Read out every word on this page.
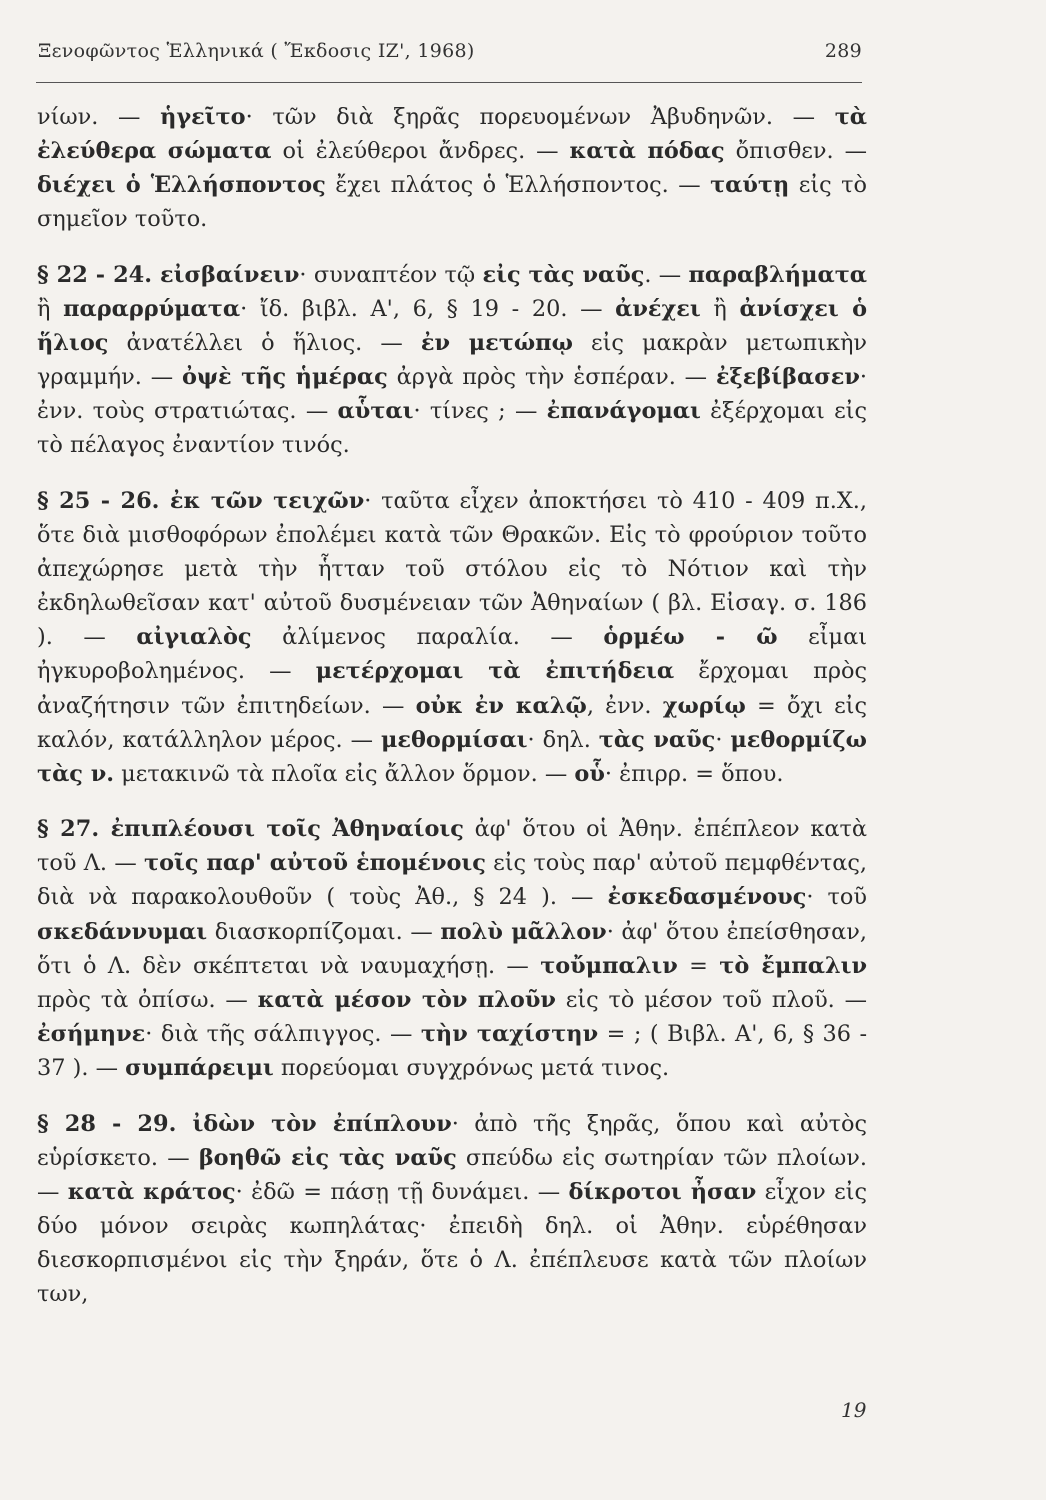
Ξενοφῶντος Ἑλληνικά ( Ἔκδοσις ΙΖ', 1968)	289

νίων. — ἡγεῖτο· τῶν διὰ ξηρᾶς πορευομένων Ἀβυδηνῶν. — τὰ ἐλεύθερα σώματα οἱ ἐλεύθεροι ἄνδρες. — κατὰ πόδας ὄπισθεν. — διέχει ὁ Ἑλλήσποντος ἔχει πλάτος ὁ Ἑλλήσποντος. — ταύτῃ εἰς τὸ σημεῖον τοῦτο.

§ 22 - 24. εἰσβαίνειν· συναπτέον τῷ εἰς τὰς ναῦς. — παραβλήματα ἢ παραρρύματα· ἴδ. βιβλ. Α', 6, § 19 - 20. — ἀνέχει ἢ ἀνίσχει ὁ ἥλιος ἀνατέλλει ὁ ἥλιος. — ἐν μετώπῳ εἰς μακρὰν μετωπικὴν γραμμήν. — ὀψὲ τῆς ἡμέρας ἀργὰ πρὸς τὴν ἑσπέραν. — ἐξεβίβασεν· ἐνν. τοὺς στρατιώτας. — αὗται· τίνες ; — ἐπανάγομαι ἐξέρχομαι εἰς τὸ πέλαγος ἐναντίον τινός.

§ 25 - 26. ἐκ τῶν τειχῶν· ταῦτα εἶχεν ἀποκτήσει τὸ 410 - 409 π.Χ., ὅτε διὰ μισθοφόρων ἐπολέμει κατὰ τῶν Θρακῶν. Εἰς τὸ φρούριον τοῦτο ἀπεχώρησε μετὰ τὴν ἧτταν τοῦ στόλου εἰς τὸ Νότιον καὶ τὴν ἐκδηλωθεῖσαν κατ' αὐτοῦ δυσμένειαν τῶν Ἀθηναίων ( βλ. Εἰσαγ. σ. 186 ). — αἰγιαλὸς ἀλίμενος παραλία. — ὁρμέω - ῶ εἶμαι ἠγκυροβολημένος. — μετέρχομαι τὰ ἐπιτήδεια ἔρχομαι πρὸς ἀναζήτησιν τῶν ἐπιτηδείων. — οὐκ ἐν καλῷ, ἐνν. χωρίῳ = ὄχι εἰς καλόν, κατάλληλον μέρος. — μεθορμίσαι· δηλ. τὰς ναῦς· μεθορμίζω τὰς ν. μετακινῶ τὰ πλοῖα εἰς ἄλλον ὅρμον. — οὗ· ἐπιρρ. = ὅπου.

§ 27. ἐπιπλέουσι τοῖς Ἀθηναίοις ἀφ' ὅτου οἱ Ἀθην. ἐπέπλεον κατὰ τοῦ Λ. — τοῖς παρ' αὐτοῦ ἑπομένοις εἰς τοὺς παρ' αὐτοῦ πεμφθέντας, διὰ νὰ παρακολουθοῦν ( τοὺς Ἀθ., § 24 ). — ἐσκεδασμένους· τοῦ σκεδάννυμαι διασκορπίζομαι. — πολὺ μᾶλλον· ἀφ' ὅτου ἐπείσθησαν, ὅτι ὁ Λ. δὲν σκέπτεται νὰ ναυμαχήσῃ. — τοὔμπαλιν = τὸ ἔμπαλιν πρὸς τὰ ὀπίσω. — κατὰ μέσον τὸν πλοῦν εἰς τὸ μέσον τοῦ πλοῦ. — ἐσήμηνε· διὰ τῆς σάλπιγγος. — τὴν ταχίστην = ; ( Βιβλ. Α', 6, § 36 - 37 ). — συμπάρειμι πορεύομαι συγχρόνως μετά τινος.

§ 28 - 29. ἰδὼν τὸν ἐπίπλουν· ἀπὸ τῆς ξηρᾶς, ὅπου καὶ αὐτὸς εὑρίσκετο. — βοηθῶ εἰς τὰς ναῦς σπεύδω εἰς σωτηρίαν τῶν πλοίων. — κατὰ κράτος· ἐδῶ = πάσῃ τῇ δυνάμει. — δίκροτοι ἦσαν εἶχον εἰς δύο μόνον σειρὰς κωπηλάτας· ἐπειδὴ δηλ. οἱ Ἀθην. εὑρέθησαν διεσκορπισμένοι εἰς τὴν ξηράν, ὅτε ὁ Λ. ἐπέπλευσε κατὰ τῶν πλοίων των,

19
